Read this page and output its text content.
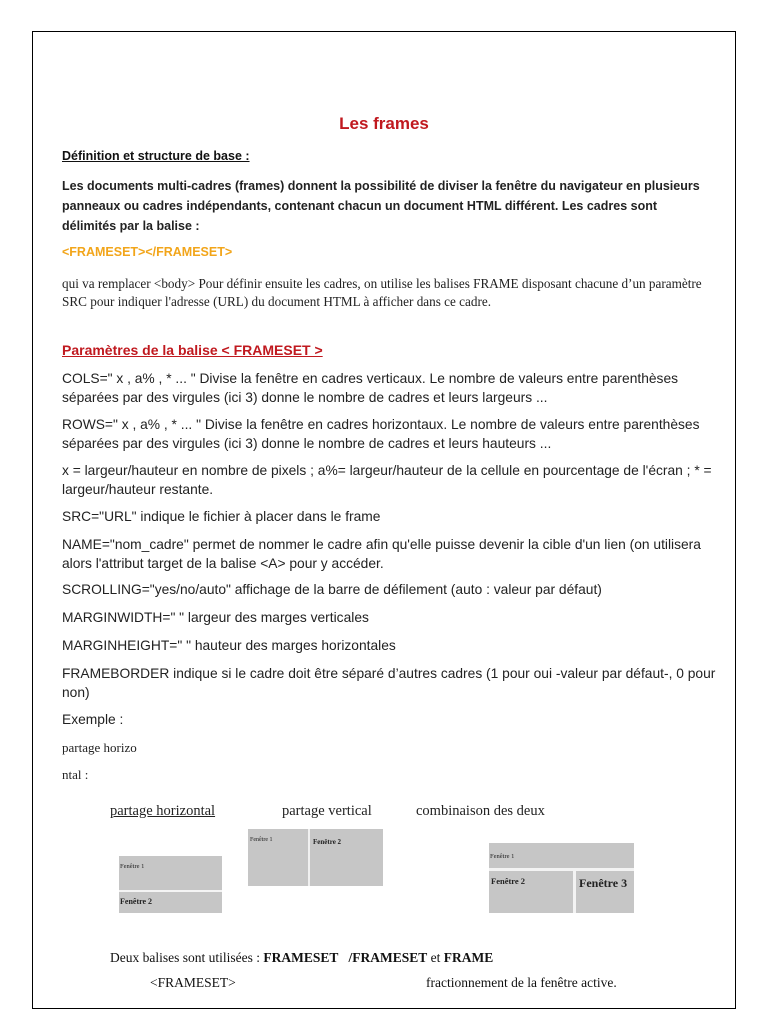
Les frames
Définition et structure de base :
Les documents multi-cadres (frames) donnent la possibilité de diviser la fenêtre du navigateur en plusieurs panneaux ou cadres indépendants, contenant chacun un document HTML différent. Les cadres sont délimités par la balise :
<FRAMESET></FRAMESET>
qui va remplacer <body> Pour définir ensuite les cadres, on utilise les balises FRAME disposant chacune d’un paramètre SRC pour indiquer l'adresse (URL) du document HTML à afficher dans ce cadre.
Paramètres de la balise < FRAMESET >
COLS=" x , a% , * ... " Divise la fenêtre en cadres verticaux. Le nombre de valeurs entre parenthèses séparées par des virgules (ici 3) donne le nombre de cadres et leurs largeurs ...
ROWS=" x , a% , * ... " Divise la fenêtre en cadres horizontaux. Le nombre de valeurs entre parenthèses séparées par des virgules (ici 3) donne le nombre de cadres et leurs hauteurs ...
x = largeur/hauteur en nombre de pixels ; a%= largeur/hauteur de la cellule en pourcentage de l'écran ; * = largeur/hauteur restante.
SRC="URL" indique le fichier à placer dans le frame
NAME="nom_cadre" permet de nommer le cadre afin qu'elle puisse devenir la cible d'un lien (on utilisera alors l'attribut target de la balise <A> pour y accéder.
SCROLLING="yes/no/auto" affichage de la barre de défilement (auto : valeur par défaut)
MARGINWIDTH=" " largeur des marges verticales
MARGINHEIGHT=" " hauteur des marges horizontales
FRAMEBORDER indique si le cadre doit être séparé d’autres cadres (1 pour oui -valeur par défaut-, 0 pour non)
Exemple :
partage horizo
ntal :
partage horizontal	partage vertical	combinaison des deux
Fenêtre 1
Fenêtre 2
Fenêtre 1	Fenêtre 2
Fenêtre 1
Fenêtre 2	Fenêtre 3
Deux balises sont utilisées : FRAMESET /FRAMESET et FRAME
<FRAMESET>	fractionnement de la fenêtre active.
